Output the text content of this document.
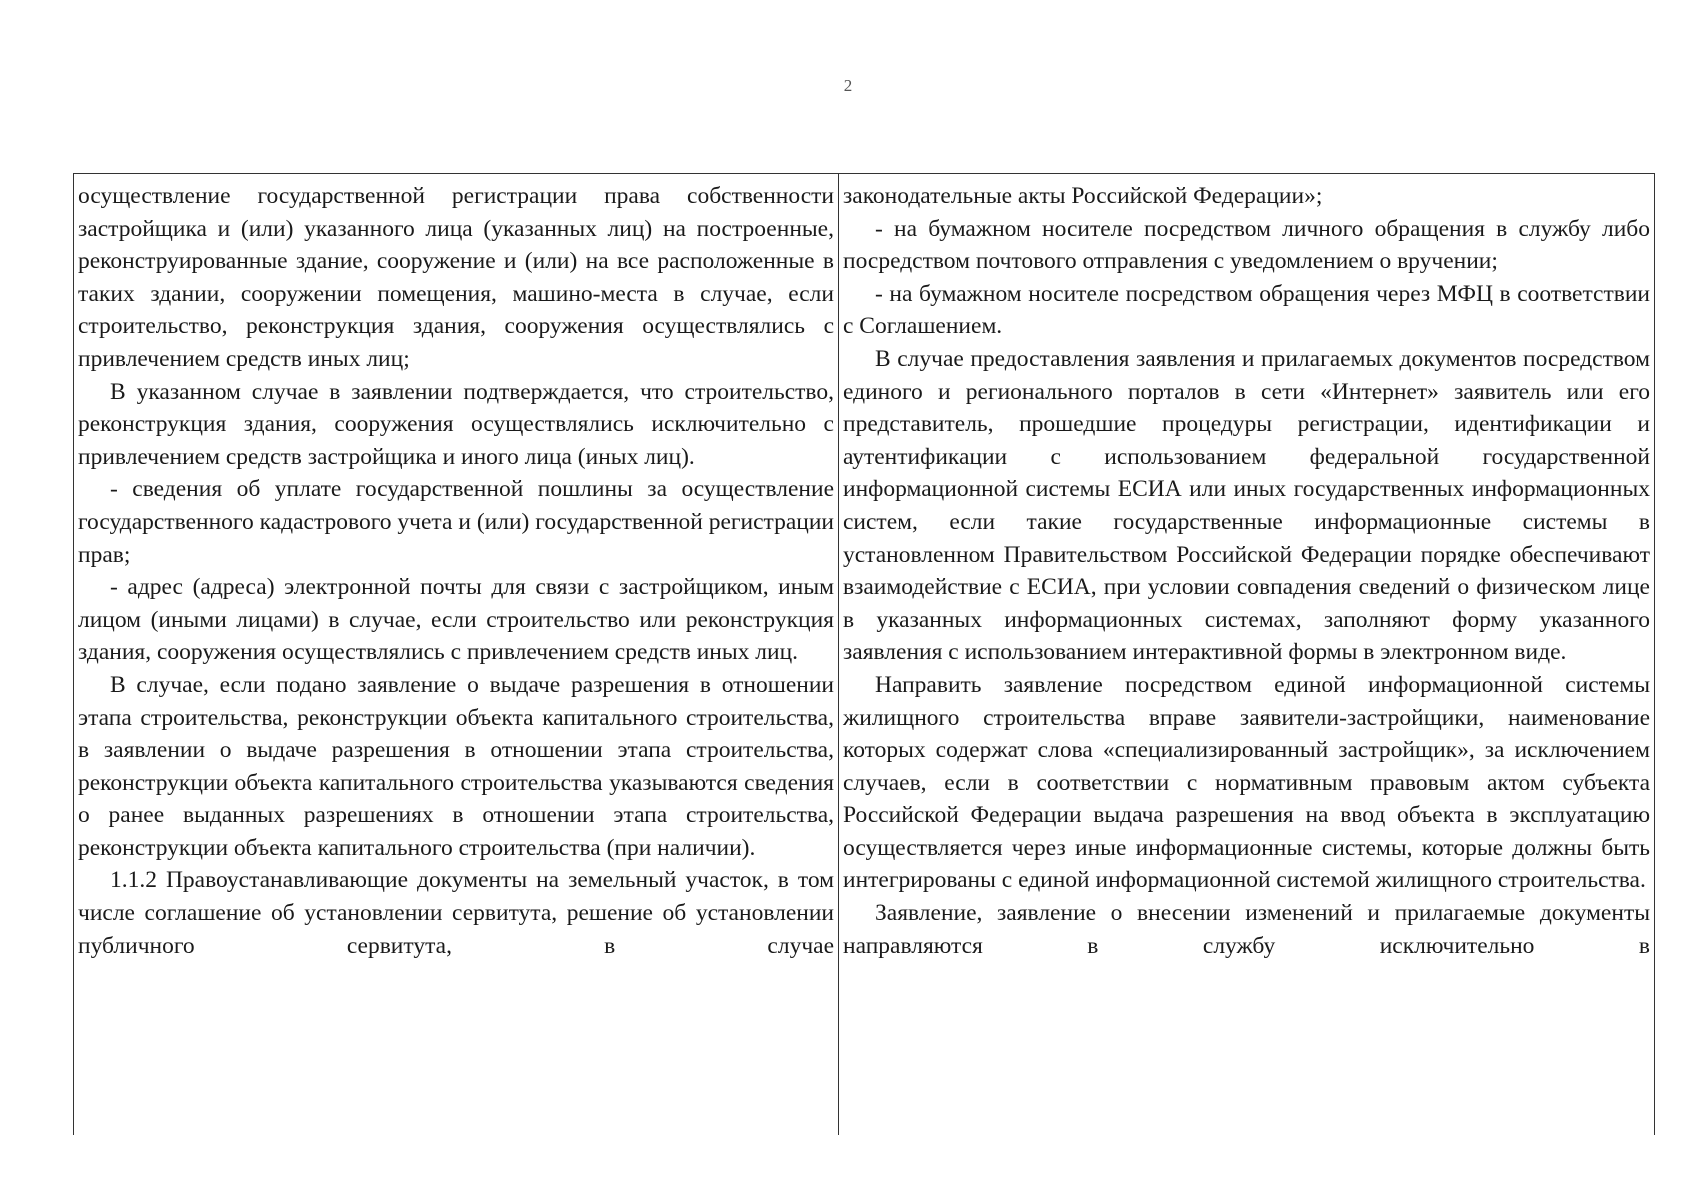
2

осуществление государственной регистрации права собственности застройщика и (или) указанного лица (указанных лиц) на построенные, реконструированные здание, сооружение и (или) на все расположенные в таких здании, сооружении помещения, машино-места в случае, если строительство, реконструкция здания, сооружения осуществлялись с привлечением средств иных лиц;

В указанном случае в заявлении подтверждается, что строительство, реконструкция здания, сооружения осуществлялись исключительно с привлечением средств застройщика и иного лица (иных лиц).

- сведения об уплате государственной пошлины за осуществление государственного кадастрового учета и (или) государственной регистрации прав;

- адрес (адреса) электронной почты для связи с застройщиком, иным лицом (иными лицами) в случае, если строительство или реконструкция здания, сооружения осуществлялись с привлечением средств иных лиц.

В случае, если подано заявление о выдаче разрешения в отношении этапа строительства, реконструкции объекта капитального строительства, в заявлении о выдаче разрешения в отношении этапа строительства, реконструкции объекта капитального строительства указываются сведения о ранее выданных разрешениях в отношении этапа строительства, реконструкции объекта капитального строительства (при наличии).

1.1.2 Правоустанавливающие документы на земельный участок, в том числе соглашение об установлении сервитута, решение об установлении публичного сервитута, в случае

законодательные акты Российской Федерации»;

- на бумажном носителе посредством личного обращения в службу либо посредством почтового отправления с уведомлением о вручении;

- на бумажном носителе посредством обращения через МФЦ в соответствии с Соглашением.

В случае предоставления заявления и прилагаемых документов посредством единого и регионального порталов в сети «Интернет» заявитель или его представитель, прошедшие процедуры регистрации, идентификации и аутентификации с использованием федеральной государственной информационной системы ЕСИА или иных государственных информационных систем, если такие государственные информационные системы в установленном Правительством Российской Федерации порядке обеспечивают взаимодействие с ЕСИА, при условии совпадения сведений о физическом лице в указанных информационных системах, заполняют форму указанного заявления с использованием интерактивной формы в электронном виде.

Направить заявление посредством единой информационной системы жилищного строительства вправе заявители-застройщики, наименование которых содержат слова «специализированный застройщик», за исключением случаев, если в соответствии с нормативным правовым актом субъекта Российской Федерации выдача разрешения на ввод объекта в эксплуатацию осуществляется через иные информационные системы, которые должны быть интегрированы с единой информационной системой жилищного строительства.

Заявление, заявление о внесении изменений и прилагаемые документы направляются в службу исключительно в
